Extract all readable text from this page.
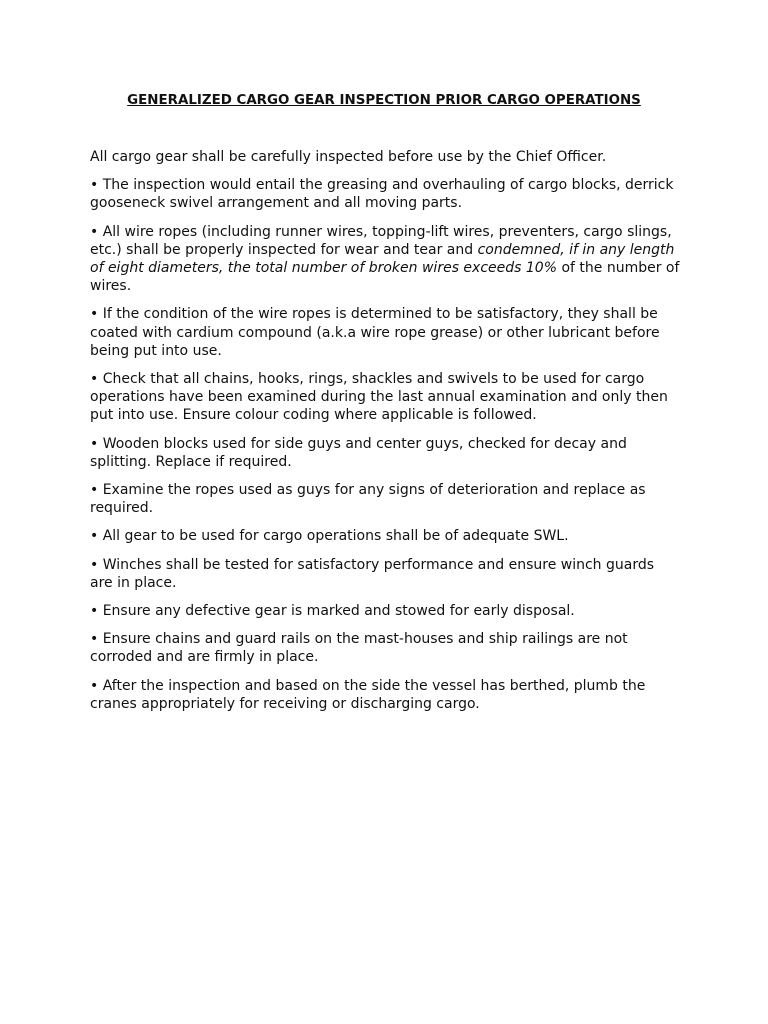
GENERALIZED CARGO GEAR INSPECTION PRIOR CARGO OPERATIONS

All cargo gear shall be carefully inspected before use by the Chief Officer.

• The inspection would entail the greasing and overhauling of cargo blocks, derrick gooseneck swivel arrangement and all moving parts.

• All wire ropes (including runner wires, topping-lift wires, preventers, cargo slings, etc.) shall be properly inspected for wear and tear and condemned, if in any length of eight diameters, the total number of broken wires exceeds 10% of the number of wires.

• If the condition of the wire ropes is determined to be satisfactory, they shall be coated with cardium compound (a.k.a wire rope grease) or other lubricant before being put into use.

• Check that all chains, hooks, rings, shackles and swivels to be used for cargo operations have been examined during the last annual examination and only then put into use. Ensure colour coding where applicable is followed.

• Wooden blocks used for side guys and center guys, checked for decay and splitting. Replace if required.

• Examine the ropes used as guys for any signs of deterioration and replace as required.

• All gear to be used for cargo operations shall be of adequate SWL.

• Winches shall be tested for satisfactory performance and ensure winch guards are in place.

• Ensure any defective gear is marked and stowed for early disposal.

• Ensure chains and guard rails on the mast-houses and ship railings are not corroded and are firmly in place.

• After the inspection and based on the side the vessel has berthed, plumb the cranes appropriately for receiving or discharging cargo.
